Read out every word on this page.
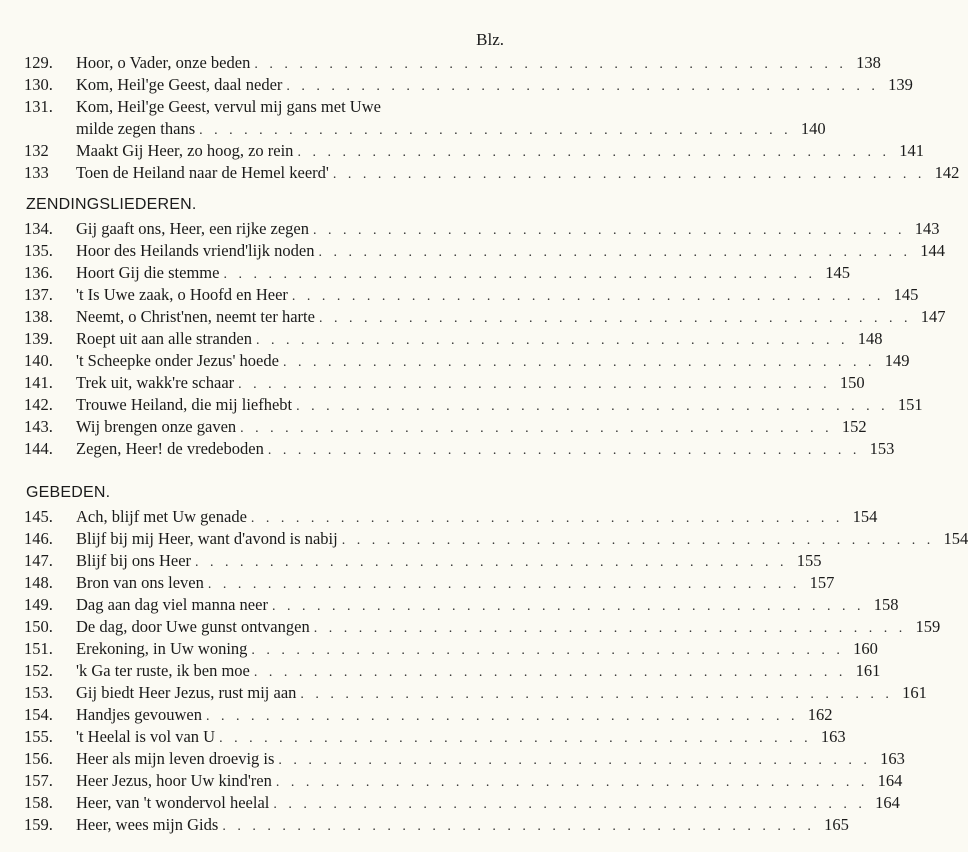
Blz.
129.	Hoor, o Vader, onze beden . . .	138
130.	Kom, Heil'ge Geest, daal neder . . .	139
131.	Kom, Heil'ge Geest, vervul mij gans met Uwe
milde zegen thans . . .	140
132	Maakt Gij Heer, zo hoog, zo rein . . .	141
133	Toen de Heiland naar de Hemel keerd' . . .	142
ZENDINGSLIEDEREN.
134.	Gij gaaft ons, Heer, een rijke zegen . . .	143
135.	Hoor des Heilands vriend'lijk noden . . .	144
136.	Hoort Gij die stemme . . .	145
137.	't Is Uwe zaak, o Hoofd en Heer . . .	145
138.	Neemt, o Christ'nen, neemt ter harte . . .	147
139.	Roept uit aan alle stranden . . .	148
140.	't Scheepke onder Jezus' hoede . . .	149
141.	Trek uit, wakk're schaar . . .	150
142.	Trouwe Heiland, die mij liefhebt . . .	151
143.	Wij brengen onze gaven . . .	152
144.	Zegen, Heer! de vredeboden . . .	153
GEBEDEN.
145.	Ach, blijf met Uw genade . . .	154
146.	Blijf bij mij Heer, want d'avond is nabij . . .	154
147.	Blijf bij ons Heer . . .	155
148.	Bron van ons leven . . .	157
149.	Dag aan dag viel manna neer . . .	158
150.	De dag, door Uwe gunst ontvangen . . .	159
151.	Erekoning, in Uw woning . . .	160
152.	'k Ga ter ruste, ik ben moe . . .	161
153.	Gij biedt Heer Jezus, rust mij aan . . .	161
154.	Handjes gevouwen . . .	162
155.	't Heelal is vol van U . . .	163
156.	Heer als mijn leven droevig is . . .	163
157.	Heer Jezus, hoor Uw kind'ren . . .	164
158.	Heer, van 't wondervol heelal . . .	164
159.	Heer, wees mijn Gids . . .	165
